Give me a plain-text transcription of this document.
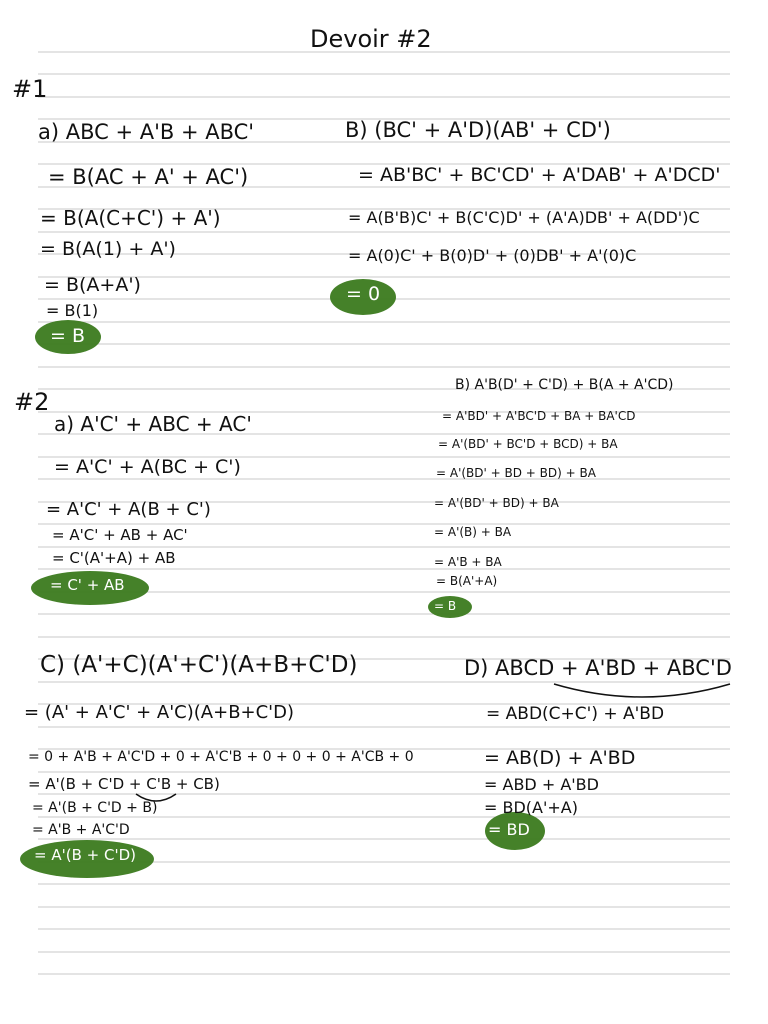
Devoir #2
#1
a) ABC + A'B + ABC'
= B(AC + A' + AC')
= B(A(C+C') + A')
= B(A(1) + A')
= B(A+A')
= B(1)
= B
B) (BC' + A'D)(AB' + CD')
= AB'BC' + BC'CD' + A'DAB' + A'DCD'
= A(B'B)C' + B(C'C)D' + (A'A)DB' + A(DD')C
= A(0)C' + B(0)D' + (0)DB' + A'(0)C
= 0
#2
a) A'C' + ABC + AC'
= A'C' + A(BC + C')
= A'C' + A(B + C')
= A'C' + AB + AC'
= C'(A'+A) + AB
= C' + AB
B) A'B(D' + C'D) + B(A + A'CD)
= A'BD' + A'BC'D + BA + BA'CD
= A'(BD' + BC'D + BCD) + BA
= A'(BD' + BD + BD) + BA
= A'(BD' + BD) + BA
= A'(B) + BA
= A'B + BA
= B(A'+A)
= B
C) (A'+C)(A'+C')(A+B+C'D)
= (A' + A'C' + A'C)(A+B+C'D)
= 0 + A'B + A'C'D + 0 + A'C'B + 0 + 0 + 0 + A'CB + 0
= A'(B + C'D + C'B + CB)
= A'(B + C'D + B)
= A'B + A'C'D
= A'(B + C'D)
D) ABCD + A'BD + ABC'D
= ABD(C+C') + A'BD
= AB(D) + A'BD
= ABD + A'BD
= BD(A'+A)
= BD
